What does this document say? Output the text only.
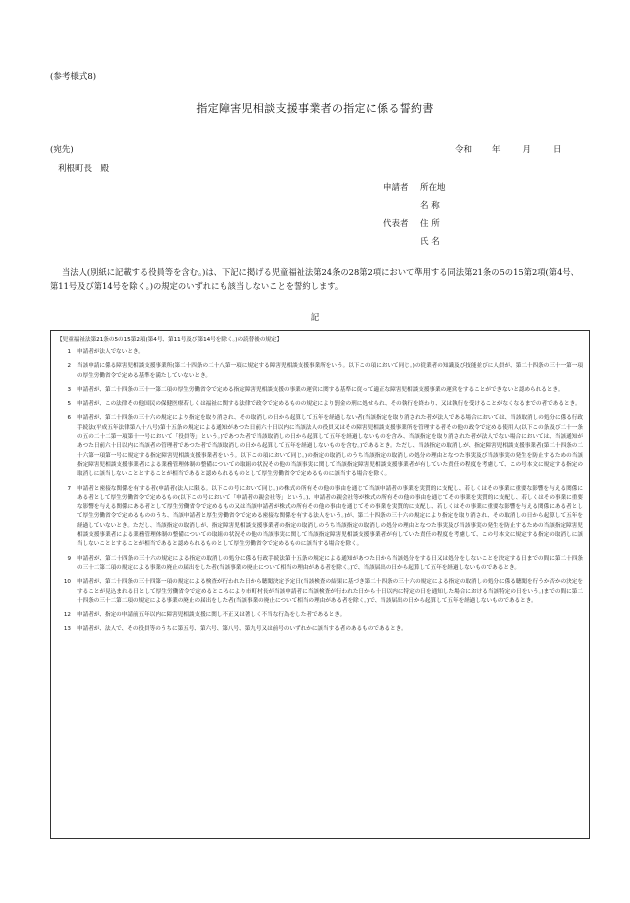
(参考様式8)
指定障害児相談支援事業者の指定に係る誓約書
(宛先)
利根町長　殿
令和 年	月	日
申請者 所在地
名 称
代表者 住 所
氏 名
当法人(別紙に記載する役員等を含む。)は、下記に掲げる児童福祉法第24条の28第2項において準用する同法第21条の5の15第2項(第4号、第11号及び第14号を除く。)の規定のいずれにも該当しないことを誓約します。
記
【児童福祉法第21条の5の15第2項(第4号、第11号及び第14号を除く。)の読替後の規定】
1	申請者が法人でないとき。
2	当該申請に係る障害児相談支援事業所(第二十四条の二十八第一項に規定する障害児相談支援事業所をいう。以下この項において同じ。)の従業者の知識及び技能並びに人員が、第二十四条の三十一第一項の厚生労働省令で定める基準を満たしていないとき。
3	申請者が、第二十四条の三十一第二項の厚生労働省令で定める指定障害児相談支援の事業の運営に関する基準に従って適正な障害児相談支援事業の運営をすることができないと認められるとき。
5	申請者が、この法律その他国民の保健医療若しくは福祉に関する法律で政令で定めるものの規定により罰金の刑に処せられ、その執行を終わり、又は執行を受けることがなくなるまでの者であるとき。
6	申請者が、第二十四条の三十六の規定により指定を取り消され、その取消しの日から起算して五年を経過しない者(当該指定を取り消された者が法人である場合においては、当該取消しの処分に係る行政手続法(平成五年法律第八十八号)第十五条の規定による通知があつた日前六十日以内に当該法人の役員又はその障害児相談支援事業所を管理する者その他の政令で定める使用人(以下この条及び二十一条の五の二十二第一項第十一号において「役員等」という。)であつた者で当該取消しの日から起算して五年を経過しないものを含み、当該指定を取り消された者が法人でない場合においては、当該通知があつた日前六十日以内に当該者の管理者であつた者で当該取消しの日から起算して五年を経過しないものを含む。)であるとき。ただし、当該指定の取消しが、指定障害児相談支援事業者(第二十四条の二十六第一項第一号に規定する指定障害児相談支援事業者をいう。以下この項において同じ。)の指定の取消しのうち当該指定の取消しの処分の理由となつた事実及び当該事実の発生を防止するための当該指定障害児相談支援事業者による業務管理体制の整備についての取組の状況その他の当該事実に関して当該指定障害児相談支援事業者が有していた責任の程度を考慮して、この号本文に規定する指定の取消しに該当しないこととすることが相当であると認められるものとして厚生労働省令で定めるものに該当する場合を除く。
7	申請者と密接な関係を有する者(申請者(法人に限る。以下この号において同じ。)の株式の所有その他の事由を通じて当該申請者の事業を実質的に支配し、若しくはその事業に重要な影響を与える関係にある者として厚生労働省令で定めるもの(以下この号において「申請者の親会社等」という。)、申請者の親会社等が株式の所有その他の事由を通じてその事業を実質的に支配し、若しくはその事業に重要な影響を与える関係にある者として厚生労働省令で定めるもの又は当該申請者が株式の所有その他の事由を通じてその事業を実質的に支配し、若しくはその事業に重要な影響を与える関係にある者として厚生労働省令で定めるもののうち、当該申請者と厚生労働省令で定める密接な関係を有する法人をいう。)が、第二十四条の三十六の規定により指定を取り消され、その取消しの日から起算して五年を経過していないとき。ただし、当該指定の取消しが、指定障害児相談支援事業者の指定の取消しのうち当該指定の取消しの処分の理由となつた事実及び当該事実の発生を防止するための当該指定障害児相談支援事業者による業務管理体制の整備についての取組の状況その他の当該事実に関して当該指定障害児相談支援事業者が有していた責任の程度を考慮して、この号本文に規定する指定の取消しに該当しないこととすることが相当であると認められるものとして厚生労働省令で定めるものに該当する場合を除く。
9	申請者が、第二十四条の三十六の規定による指定の取消しの処分に係る行政手続法第十五条の規定による通知があつた日から当該処分をする日又は処分をしないことを決定する日までの間に第二十四条の三十二第二項の規定による事業の廃止の届出をした者(当該事業の廃止について相当の理由がある者を除く。)で、当該届出の日から起算して五年を経過しないものであるとき。
10	申請者が、第二十四条の三十四第一項の規定による検査が行われた日から聴聞決定予定日(当該検査の結果に基づき第二十四条の三十六の規定による指定の取消しの処分に係る聴聞を行うか否かの決定をすることが見込まれる日として厚生労働省令で定めるところにより市町村長が当該申請者に当該検査が行われた日から十日以内に特定の日を通知した場合における当該特定の日をいう。)までの間に第二十四条の三十二第二項の規定による事業の廃止の届出をした者(当該事業の廃止について相当の理由がある者を除く。)で、当該届出の日から起算して五年を経過しないものであるとき。
12	申請者が、指定の申請前五年以内に障害児相談支援に関し不正又は著しく不当な行為をした者であるとき。
13	申請者が、法人で、その役員等のうちに第五号、第六号、第八号、第九号又は前号のいずれかに該当する者のあるものであるとき。
